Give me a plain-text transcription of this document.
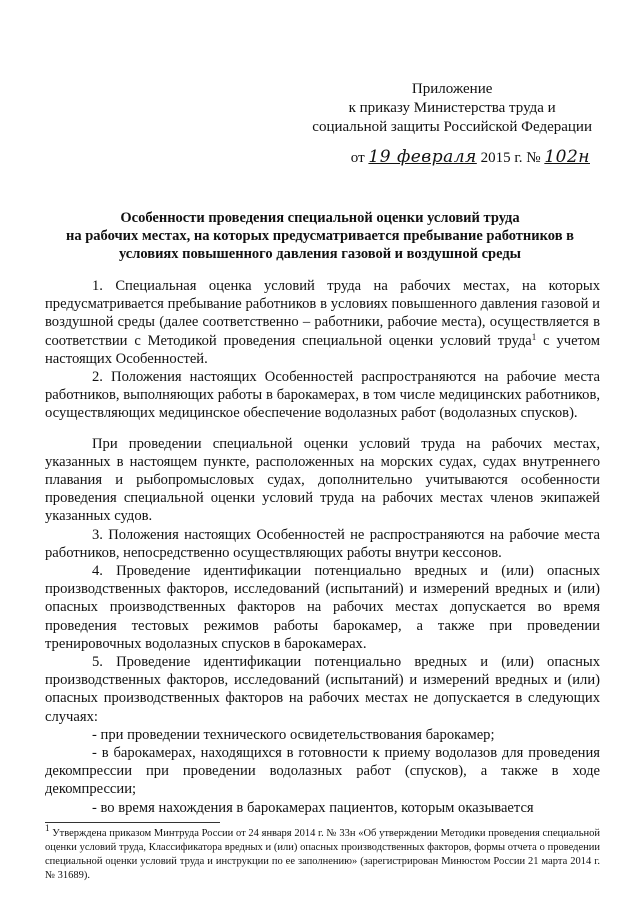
Приложение
к приказу Министерства труда и
социальной защиты Российской Федерации
от 19 февраля 2015 г. № 102н
Особенности проведения специальной оценки условий труда
на рабочих местах, на которых предусматривается пребывание работников в
условиях повышенного давления газовой и воздушной среды

1. Специальная оценка условий труда на рабочих местах, на которых предусматривается пребывание работников в условиях повышенного давления газовой и воздушной среды (далее соответственно – работники, рабочие места), осуществляется в соответствии с Методикой проведения специальной оценки условий труда$^1$ с учетом настоящих Особенностей.

2. Положения настоящих Особенностей распространяются на рабочие места работников, выполняющих работы в барокамерах, в том числе медицинских работников, осуществляющих медицинское обеспечение водолазных работ (водолазных спусков).

При проведении специальной оценки условий труда на рабочих местах, указанных в настоящем пункте, расположенных на морских судах, судах внутреннего плавания и рыбопромысловых судах, дополнительно учитываются особенности проведения специальной оценки условий труда на рабочих местах членов экипажей указанных судов.

3. Положения настоящих Особенностей не распространяются на рабочие места работников, непосредственно осуществляющих работы внутри кессонов.

4. Проведение идентификации потенциально вредных и (или) опасных производственных факторов, исследований (испытаний) и измерений вредных и (или) опасных производственных факторов на рабочих местах допускается во время проведения тестовых режимов работы барокамер, а также при проведении тренировочных водолазных спусков в барокамерах.

5. Проведение идентификации потенциально вредных и (или) опасных производственных факторов, исследований (испытаний) и измерений вредных и (или) опасных производственных факторов на рабочих местах не допускается в следующих случаях:

- при проведении технического освидетельствования барокамер;

- в барокамерах, находящихся в готовности к приему водолазов для проведения декомпрессии при проведении водолазных работ (спусков), а также в ходе декомпрессии;

- во время нахождения в барокамерах пациентов, которым оказывается

$^1$ Утверждена приказом Минтруда России от 24 января 2014 г. № 33н «Об утверждении Методики проведения специальной оценки условий труда, Классификатора вредных и (или) опасных производственных факторов, формы отчета о проведении специальной оценки условий труда и инструкции по ее заполнению» (зарегистрирован Минюстом России 21 марта 2014 г. № 31689).
